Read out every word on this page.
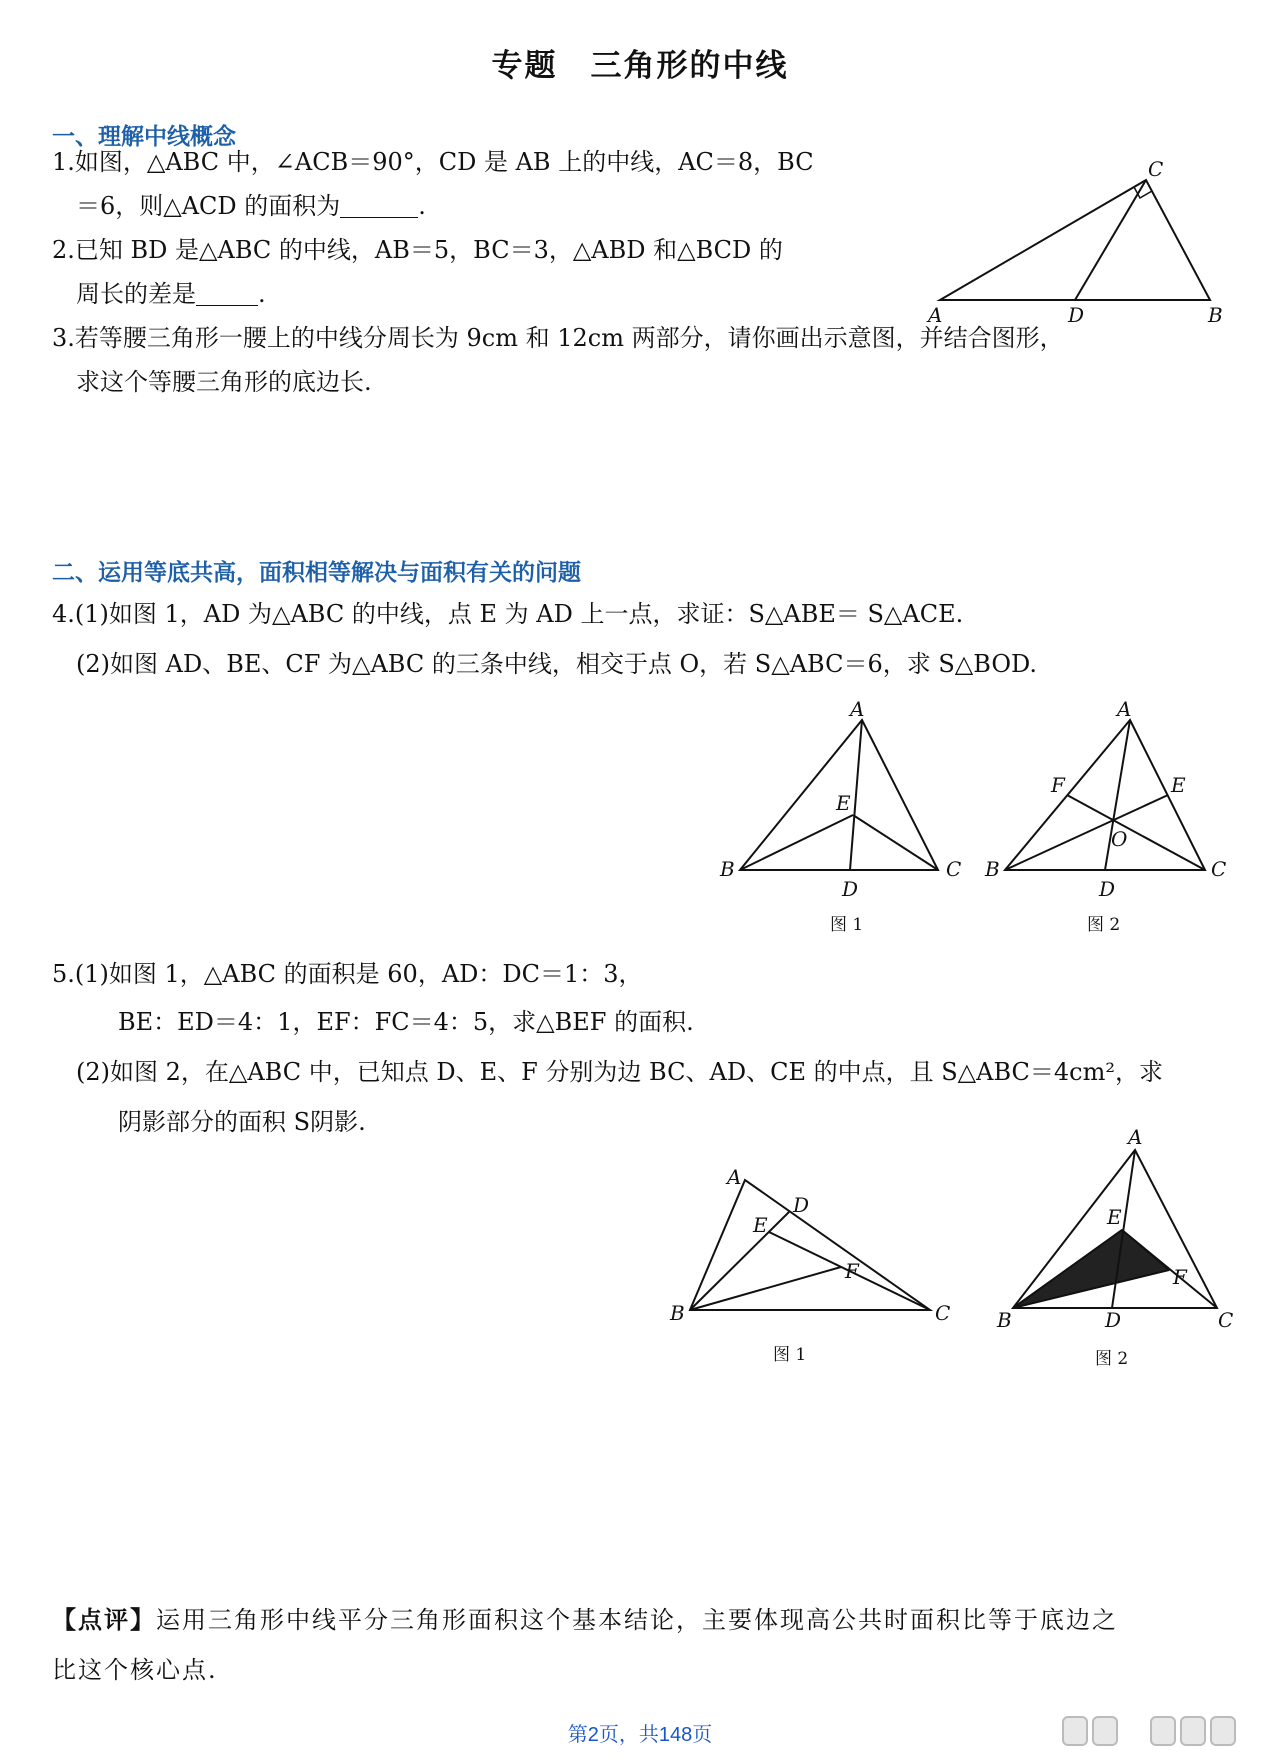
专题　三角形的中线
一、理解中线概念
1.如图，△ABC 中，∠ACB＝90°，CD 是 AB 上的中线，AC＝8，BC
＝6，则△ACD 的面积为	.
2.已知 BD 是△ABC 的中线，AB＝5，BC＝3，△ABD 和△BCD 的
周长的差是	.
3.若等腰三角形一腰上的中线分周长为 9cm 和 12cm 两部分，请你画出示意图，并结合图形，
求这个等腰三角形的底边长.
A
C
D	B
二、运用等底共高，面积相等解决与面积有关的问题
4.(1)如图 1，AD 为△ABC 的中线，点 E 为 AD 上一点，求证：S△ABE＝ S△ACE.
(2)如图 AD、BE、CF 为△ABC 的三条中线，相交于点 O，若 S△ABC＝6，求 S△BOD.
A
B	C
D
E
图 1
A
B	C
D
E
F
O
图 2
5.(1)如图 1，△ABC 的面积是 60，AD：DC＝1：3，
BE：ED＝4：1，EF：FC＝4：5，求△BEF 的面积.
(2)如图 2，在△ABC 中，已知点 D、E、F 分别为边 BC、AD、CE 的中点，且 S△ABC＝4cm²，求
阴影部分的面积 S阴影.
A
B	C
D
E
F
图 1
A
B	C
D
E
F
图 2
【点评】运用三角形中线平分三角形面积这个基本结论，主要体现高公共时面积比等于底边之
比这个核心点.
第2页，共148页
